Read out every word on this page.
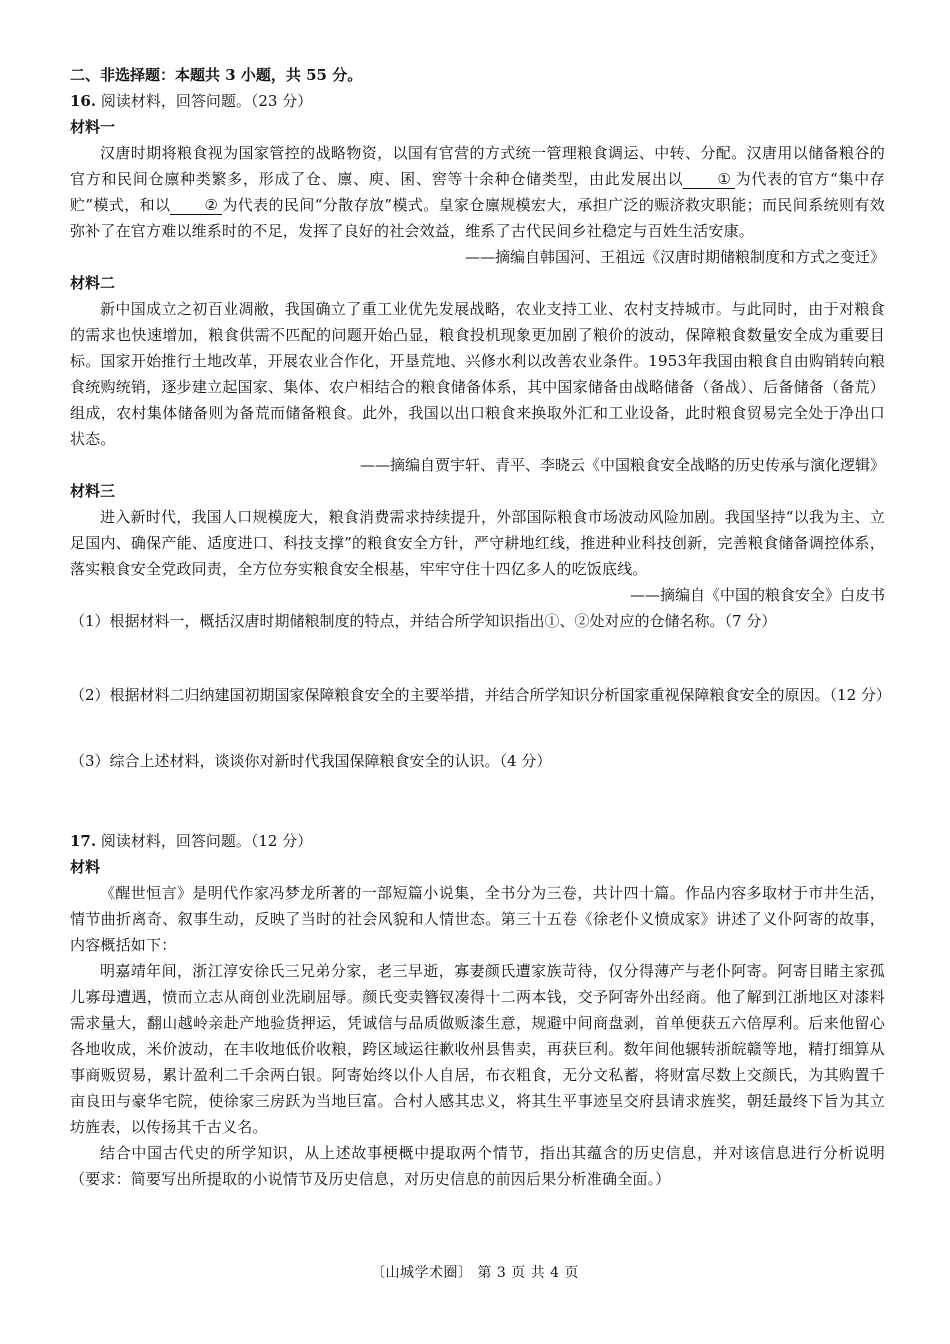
二、非选择题：本题共 3 小题，共 55 分。
16. 阅读材料，回答问题。（23 分）
材料一

汉唐时期将粮食视为国家管控的战略物资，以国有官营的方式统一管理粮食调运、中转、分配。汉唐用以储备粮谷的官方和民间仓廪种类繁多，形成了仓、廪、庾、囷、窖等十余种仓储类型，由此发展出以 ① 为代表的官方“集中存贮”模式，和以 ② 为代表的民间“分散存放”模式。皇家仓廪规模宏大，承担广泛的赈济救灾职能；而民间系统则有效弥补了在官方难以维系时的不足，发挥了良好的社会效益，维系了古代民间乡社稳定与百姓生活安康。

——摘编自韩国河、王祖远《汉唐时期储粮制度和方式之变迁》
材料二

新中国成立之初百业凋敝，我国确立了重工业优先发展战略，农业支持工业、农村支持城市。与此同时，由于对粮食的需求也快速增加，粮食供需不匹配的问题开始凸显，粮食投机现象更加剧了粮价的波动，保障粮食数量安全成为重要目标。国家开始推行土地改革，开展农业合作化，开垦荒地、兴修水利以改善农业条件。1953年我国由粮食自由购销转向粮食统购统销，逐步建立起国家、集体、农户相结合的粮食储备体系，其中国家储备由战略储备（备战）、后备储备（备荒）组成，农村集体储备则为备荒而储备粮食。此外，我国以出口粮食来换取外汇和工业设备，此时粮食贸易完全处于净出口状态。

——摘编自贾宇轩、青平、李晓云《中国粮食安全战略的历史传承与演化逻辑》
材料三

进入新时代，我国人口规模庞大，粮食消费需求持续提升，外部国际粮食市场波动风险加剧。我国坚持“以我为主、立足国内、确保产能、适度进口、科技支撑”的粮食安全方针，严守耕地红线，推进种业科技创新，完善粮食储备调控体系，落实粮食安全党政同责，全方位夯实粮食安全根基，牢牢守住十四亿多人的吃饭底线。

——摘编自《中国的粮食安全》白皮书

（1）根据材料一，概括汉唐时期储粮制度的特点，并结合所学知识指出①、②处对应的仓储名称。（7 分）

（2）根据材料二归纳建国初期国家保障粮食安全的主要举措，并结合所学知识分析国家重视保障粮食安全的原因。（12 分）

（3）综合上述材料，谈谈你对新时代我国保障粮食安全的认识。（4 分）

17. 阅读材料，回答问题。（12 分）
材料

《醒世恒言》是明代作家冯梦龙所著的一部短篇小说集，全书分为三卷，共计四十篇。作品内容多取材于市井生活，情节曲折离奇、叙事生动，反映了当时的社会风貌和人情世态。第三十五卷《徐老仆义愤成家》讲述了义仆阿寄的故事，内容概括如下：

明嘉靖年间，浙江淳安徐氏三兄弟分家，老三早逝，寡妻颜氏遭家族苛待，仅分得薄产与老仆阿寄。阿寄目睹主家孤儿寡母遭遇，愤而立志从商创业洗刷屈辱。颜氏变卖簪钗凑得十二两本钱，交予阿寄外出经商。他了解到江浙地区对漆料需求量大，翻山越岭亲赴产地验货押运，凭诚信与品质做贩漆生意，规避中间商盘剥，首单便获五六倍厚利。后来他留心各地收成，米价波动，在丰收地低价收粮，跨区域运往歉收州县售卖，再获巨利。数年间他辗转浙皖赣等地，精打细算从事商贩贸易，累计盈利二千余两白银。阿寄始终以仆人自居，布衣粗食，无分文私蓄，将财富尽数上交颜氏，为其购置千亩良田与豪华宅院，使徐家三房跃为当地巨富。合村人感其忠义，将其生平事迹呈交府县请求旌奖，朝廷最终下旨为其立坊旌表，以传扬其千古义名。

结合中国古代史的所学知识，从上述故事梗概中提取两个情节，指出其蕴含的历史信息，并对该信息进行分析说明（要求：简要写出所提取的小说情节及历史信息，对历史信息的前因后果分析准确全面。）

〔山城学术圈〕 第 3 页 共 4 页
